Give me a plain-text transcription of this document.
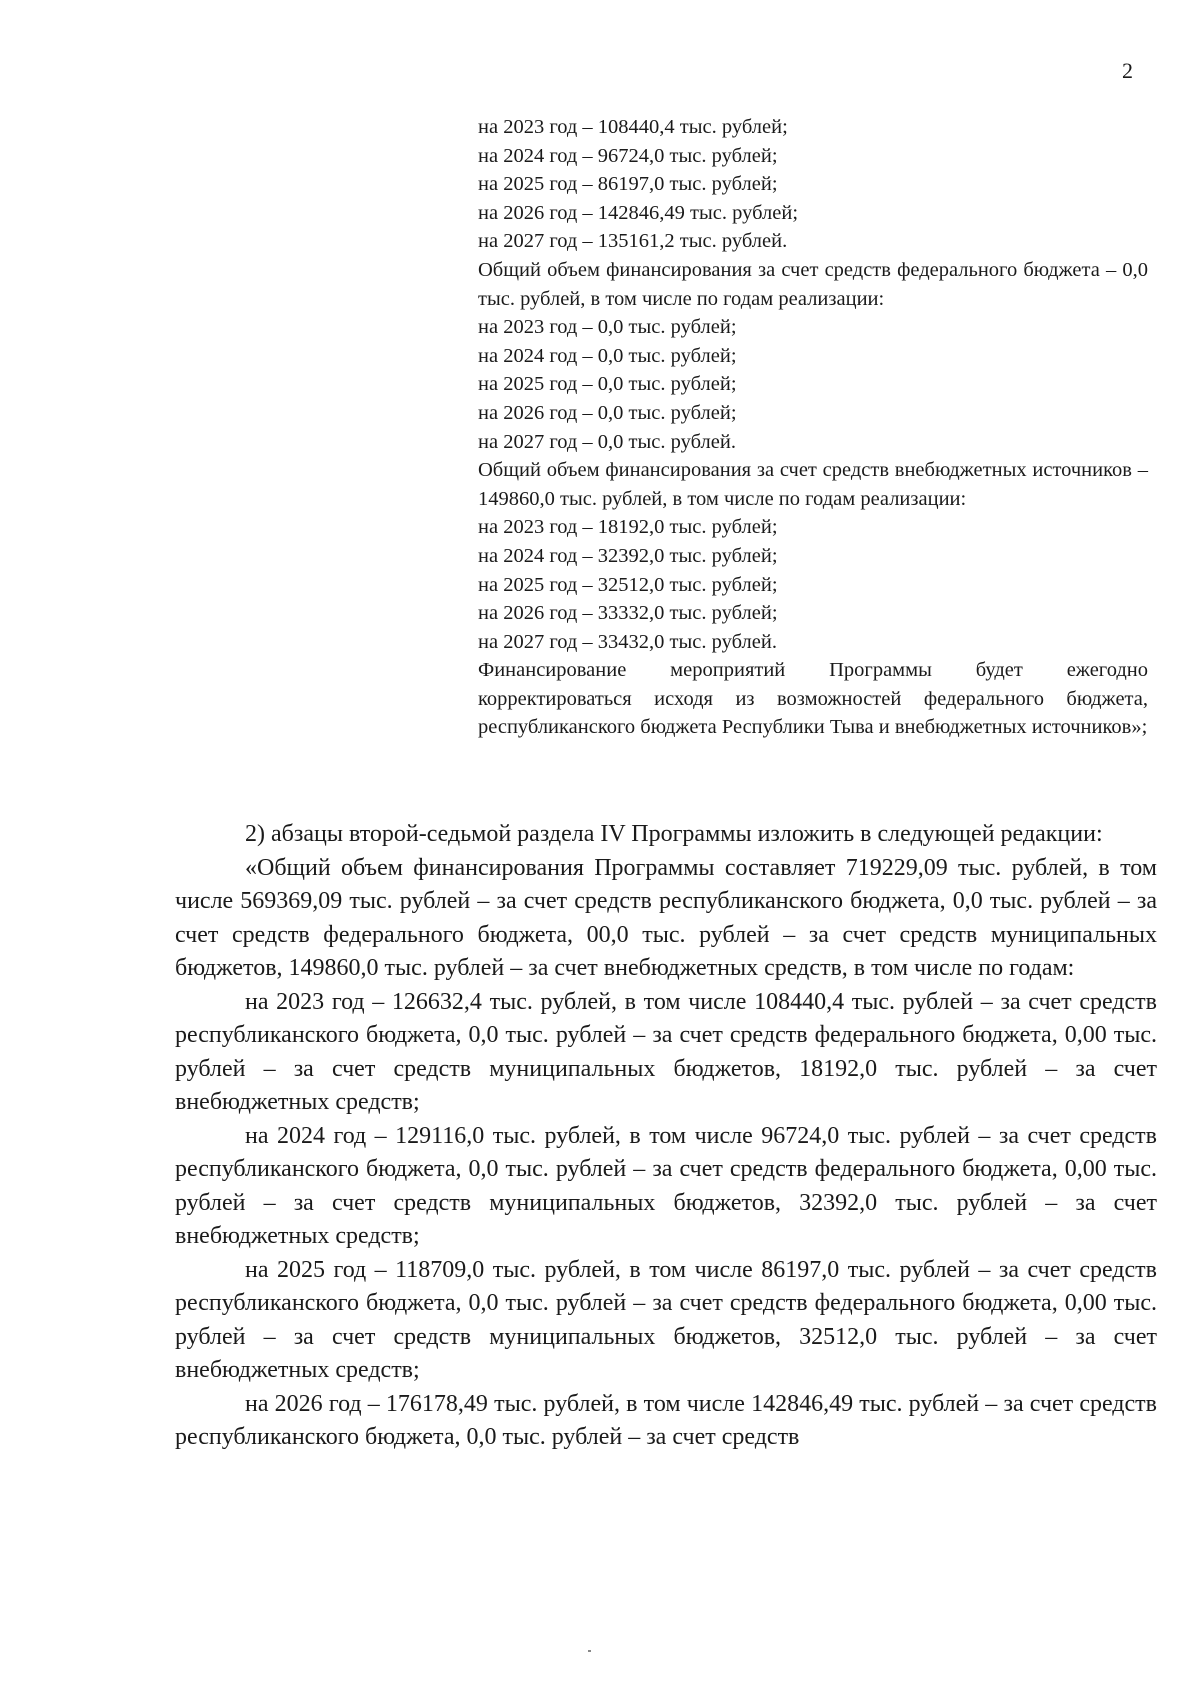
2

на 2023 год – 108440,4 тыс. рублей;

на 2024 год – 96724,0 тыс. рублей;

на 2025 год – 86197,0 тыс. рублей;

на 2026 год – 142846,49 тыс. рублей;

на 2027 год – 135161,2 тыс. рублей.

Общий объем финансирования за счет средств федерального бюджета – 0,0 тыс. рублей, в том числе по годам реализации:

на 2023 год – 0,0 тыс. рублей;

на 2024 год – 0,0 тыс. рублей;

на 2025 год – 0,0 тыс. рублей;

на 2026 год – 0,0 тыс. рублей;

на 2027 год – 0,0 тыс. рублей.

Общий объем финансирования за счет средств внебюджетных источников – 149860,0 тыс. рублей, в том числе по годам реализации:

на 2023 год – 18192,0 тыс. рублей;

на 2024 год – 32392,0 тыс. рублей;

на 2025 год – 32512,0 тыс. рублей;

на 2026 год – 33332,0 тыс. рублей;

на 2027 год – 33432,0 тыс. рублей.

Финансирование мероприятий Программы будет ежегодно корректироваться исходя из возможностей федерального бюджета, республиканского бюджета Республики Тыва и внебюджетных источников»;

2) абзацы второй-седьмой раздела IV Программы изложить в следующей редакции:

«Общий объем финансирования Программы составляет 719229,09 тыс. рублей, в том числе 569369,09 тыс. рублей – за счет средств республиканского бюджета, 0,0 тыс. рублей – за счет средств федерального бюджета, 00,0 тыс. рублей – за счет средств муниципальных бюджетов, 149860,0 тыс. рублей – за счет внебюджетных средств, в том числе по годам:

на 2023 год – 126632,4 тыс. рублей, в том числе 108440,4 тыс. рублей – за счет средств республиканского бюджета, 0,0 тыс. рублей – за счет средств федерального бюджета, 0,00 тыс. рублей – за счет средств муниципальных бюджетов, 18192,0 тыс. рублей – за счет внебюджетных средств;

на 2024 год – 129116,0 тыс. рублей, в том числе 96724,0 тыс. рублей – за счет средств республиканского бюджета, 0,0 тыс. рублей – за счет средств федерального бюджета, 0,00 тыс. рублей – за счет средств муниципальных бюджетов, 32392,0 тыс. рублей – за счет внебюджетных средств;

на 2025 год – 118709,0 тыс. рублей, в том числе 86197,0 тыс. рублей – за счет средств республиканского бюджета, 0,0 тыс. рублей – за счет средств федерального бюджета, 0,00 тыс. рублей – за счет средств муниципальных бюджетов, 32512,0 тыс. рублей – за счет внебюджетных средств;

на 2026 год – 176178,49 тыс. рублей, в том числе 142846,49 тыс. рублей – за счет средств республиканского бюджета, 0,0 тыс. рублей – за счет средств
